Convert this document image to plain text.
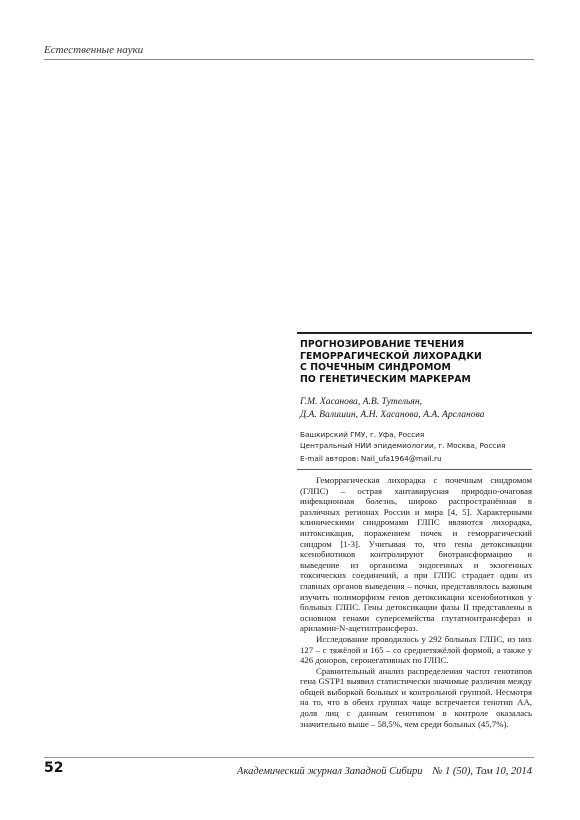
Естественные науки
ПРОГНОЗИРОВАНИЕ ТЕЧЕНИЯ
ГЕМОРРАГИЧЕСКОЙ ЛИХОРАДКИ
С ПОЧЕЧНЫМ СИНДРОМОМ
ПО ГЕНЕТИЧЕСКИМ МАРКЕРАМ
Г.М. Хасанова, А.В. Тутельян,
Д.А. Валишин, А.Н. Хасанова, А.А. Арсланова
Башкирский ГМУ, г. Уфа, Россия
Центральный НИИ эпидемиологии, г. Москва, Россия
E-mail авторов: Nail_ufa1964@mail.ru

Геморрагическая лихорадка с почечным синдромом (ГЛПС) – острая хантавирусная природно-очаговая инфекционная болезнь, широко распространённая в различных регионах России и мира [4, 5]. Характерными клиническими синдромами ГЛПС являются лихорадка, интоксикация, поражением почек и геморрагический синдром [1-3]. Учитывая то, что гены детоксикации ксенобиотиков контролируют биотрансформацию и выведение из организма эндогенных и экзогенных токсических соединений, а при ГЛПС страдает один из главных органов выведения – почки, представлялось важным изучить полиморфизм генов детоксикации ксенобиотиков у больных ГЛПС. Гены детоксикации фазы II представлены в основном генами суперсемейства глутатионтрансфераз и ариламин-N-ацетилтрансфераз.

Исследование проводилось у 292 больных ГЛПС, из них 127 – с тяжёлой и 165 – со среднетяжёлой формой, а также у 426 доноров, серонегативных по ГЛПС.

Сравнительный анализ распределения частот генотипов гена GSTP1 выявил статистически значимые различия между общей выборкой больных и контрольной группой. Несмотря на то, что в обеих группах чаще встречается генотип АА, доля лиц с данным генотипом в контроле оказалась значительно выше – 58,5%, чем среди больных (45,7%).

52	Академический журнал Западной Сибири № 1 (50), Том 10, 2014
